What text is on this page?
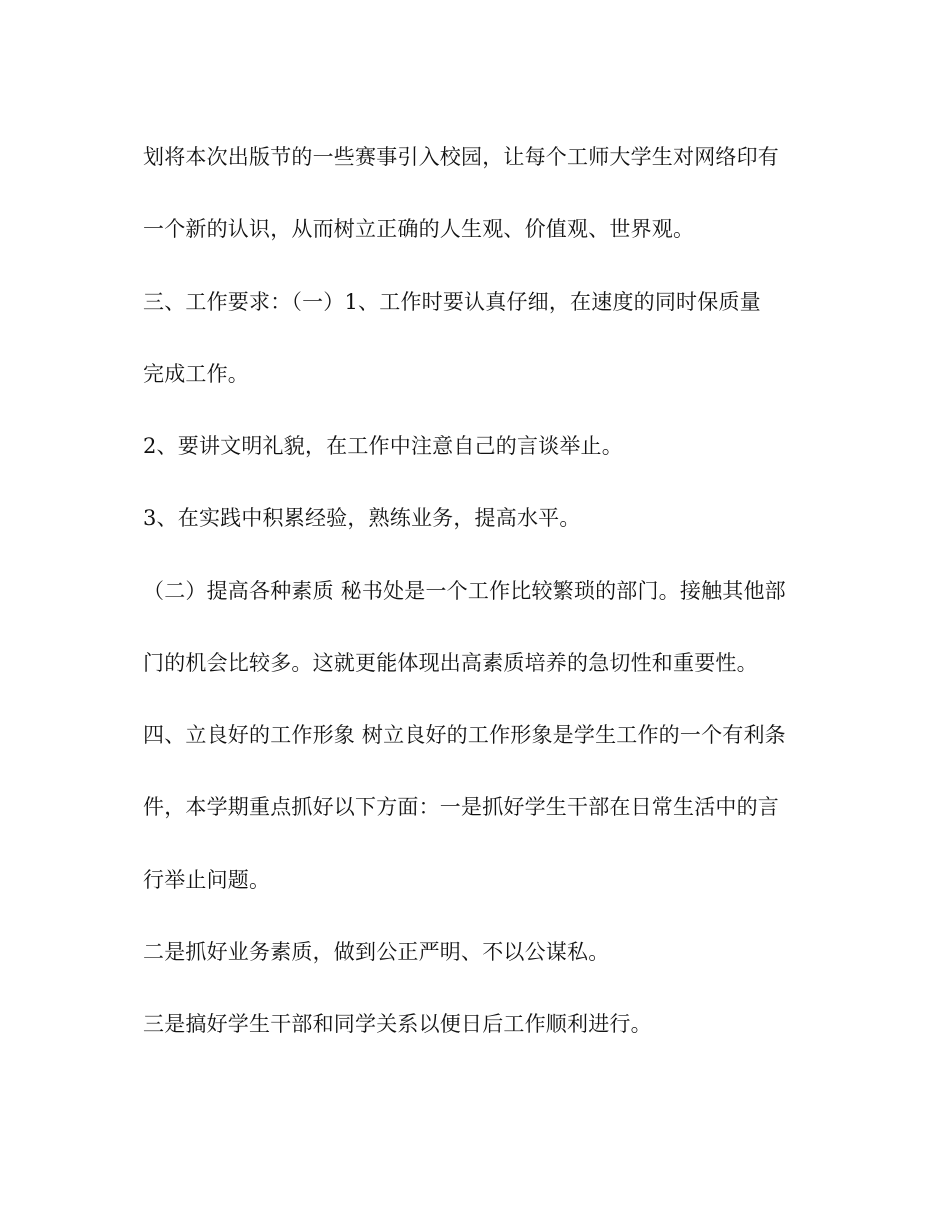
划将本次出版节的一些赛事引入校园，让每个工师大学生对网络印有
一个新的认识，从而树立正确的人生观、价值观、世界观。
三、工作要求：（一）1、工作时要认真仔细，在速度的同时保质量
完成工作。
2、要讲文明礼貌，在工作中注意自己的言谈举止。
3、在实践中积累经验，熟练业务，提高水平。
（二）提高各种素质 秘书处是一个工作比较繁琐的部门。接触其他部
门的机会比较多。这就更能体现出高素质培养的急切性和重要性。
四、立良好的工作形象 树立良好的工作形象是学生工作的一个有利条
件，本学期重点抓好以下方面：一是抓好学生干部在日常生活中的言
行举止问题。
二是抓好业务素质，做到公正严明、不以公谋私。
三是搞好学生干部和同学关系以便日后工作顺利进行。
